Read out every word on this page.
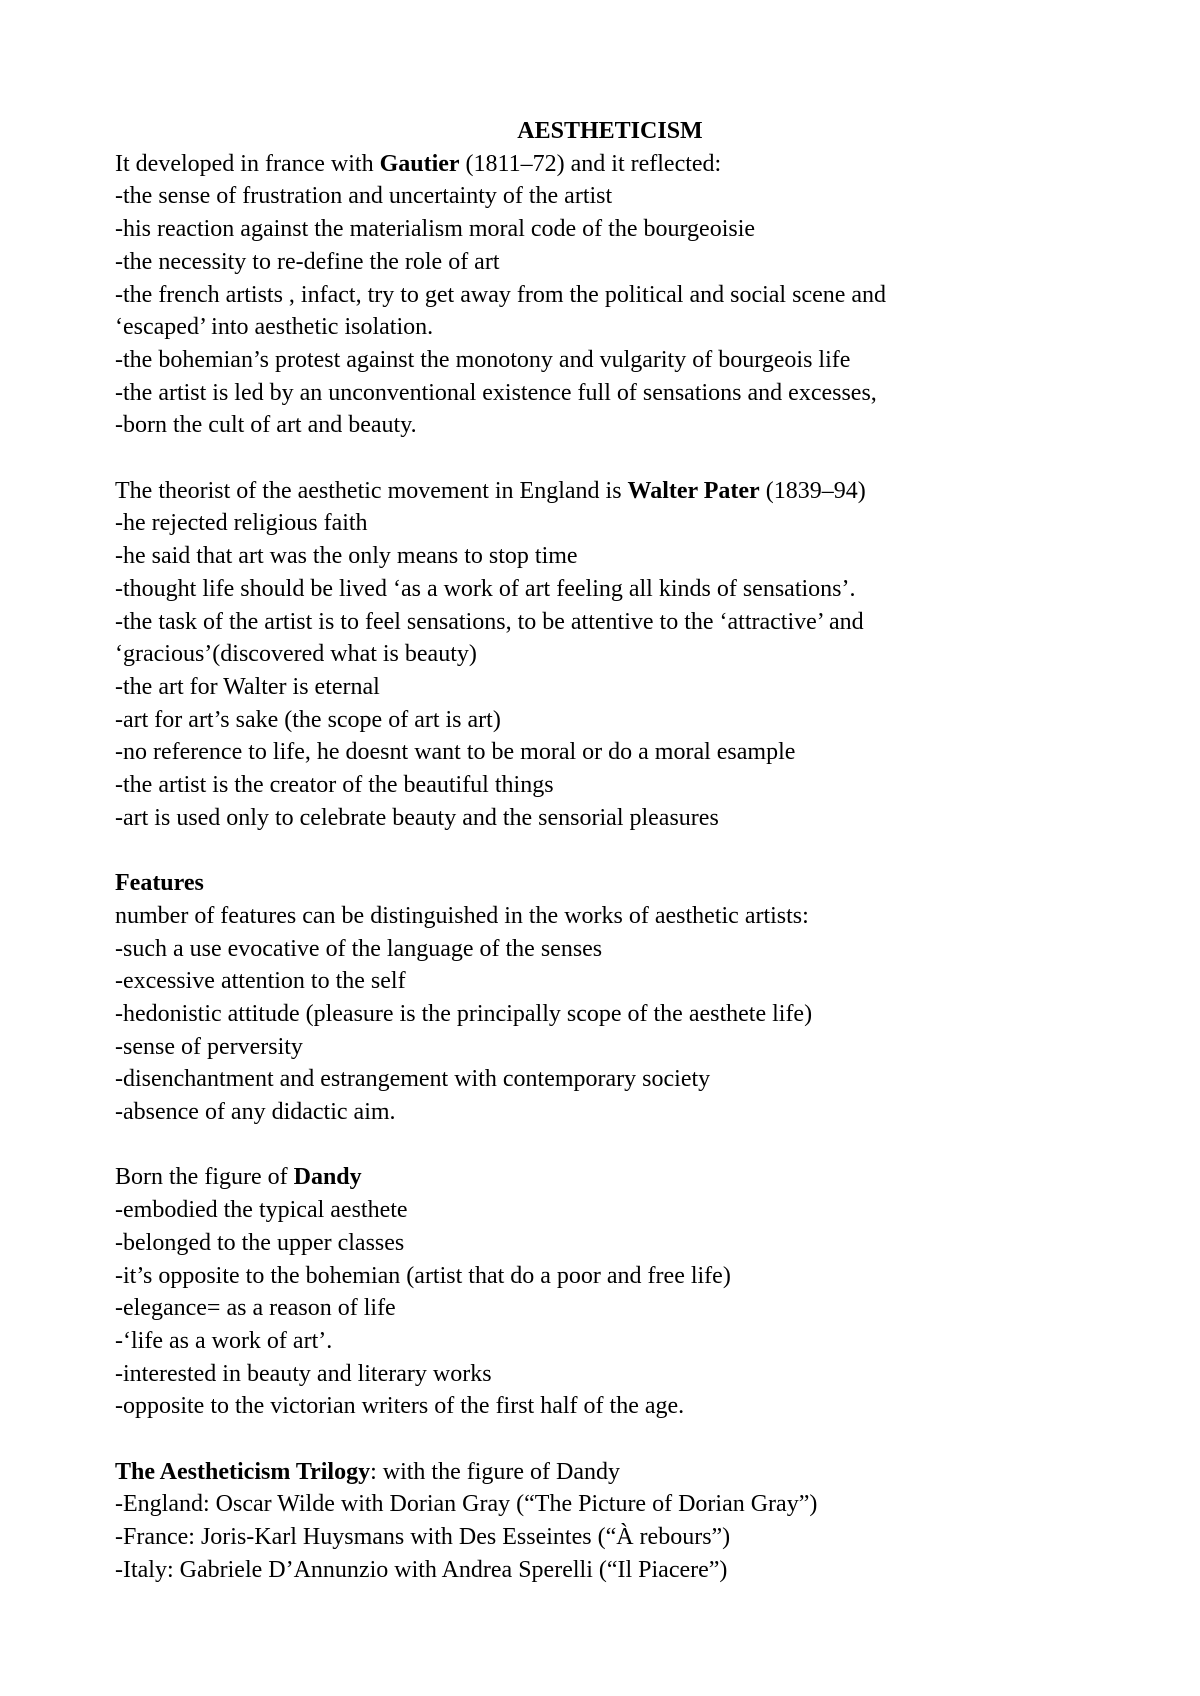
AESTHETICISM
It developed in france with Gautier (1811–72) and it reflected:
-the sense of frustration and uncertainty of the artist
-his reaction against the materialism moral code of the bourgeoisie
-the necessity to re-define the role of art
-the french artists , infact, try to get away from the political and social scene and
‘escaped’ into aesthetic isolation.
-the bohemian’s protest against the monotony and vulgarity of bourgeois life
-the artist is led by an unconventional existence full of sensations and excesses,
-born the cult of art and beauty.
The theorist of the aesthetic movement in England is Walter Pater (1839–94)
-he rejected religious faith
-he said that art was the only means to stop time
-thought life should be lived ‘as a work of art feeling all kinds of sensations’.
-the task of the artist is to feel sensations, to be attentive to the ‘attractive’ and
‘gracious’(discovered what is beauty)
-the art for Walter is eternal
-art for art’s sake (the scope of art is art)
-no reference to life, he doesnt want to be moral or do a moral esample
-the artist is the creator of the beautiful things
-art is used only to celebrate beauty and the sensorial pleasures
Features
number of features can be distinguished in the works of aesthetic artists:
-such a use evocative of the language of the senses
-excessive attention to the self
-hedonistic attitude (pleasure is the principally scope of the aesthete life)
-sense of perversity
-disenchantment and estrangement with contemporary society
-absence of any didactic aim.
Born the figure of Dandy
-embodied the typical aesthete
-belonged to the upper classes
-it’s opposite to the bohemian (artist that do a poor and free life)
-elegance= as a reason of life
-‘life as a work of art’.
-interested in beauty and literary works
-opposite to the victorian writers of the first half of the age.
The Aestheticism Trilogy: with the figure of Dandy
-England: Oscar Wilde with Dorian Gray (“The Picture of Dorian Gray”)
-France: Joris-Karl Huysmans with Des Esseintes (“À rebours”)
-Italy: Gabriele D’Annunzio with Andrea Sperelli (“Il Piacere”)
